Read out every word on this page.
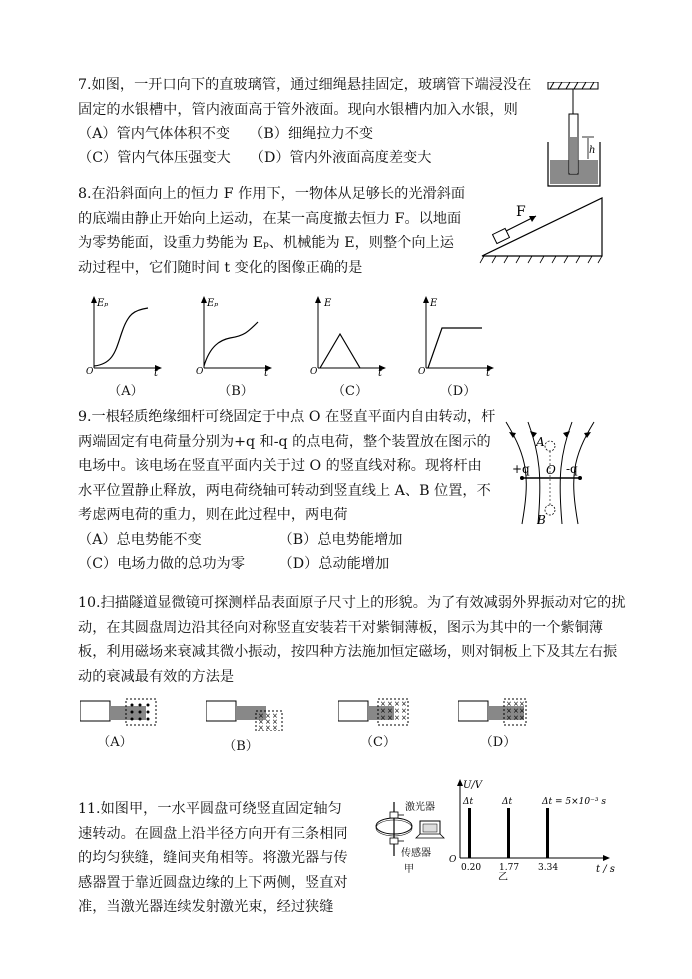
7.如图，一开口向下的直玻璃管，通过细绳悬挂固定，玻璃管下端浸没在
固定的水银槽中，管内液面高于管外液面。现向水银槽内加入水银，则
（A）管内气体体积不变 （B）细绳拉力不变
（C）管内气体压强变大 （D）管内外液面高度差变大	h
8.在沿斜面向上的恒力 F 作用下，一物体从足够长的光滑斜面
的底端由静止开始向上运动，在某一高度撤去恒力 F。以地面
为零势能面，设重力势能为 Eₚ、机械能为 E，则整个向上运
动过程中，它们随时间 t 变化的图像正确的是
F
Eₚ
O	t
（A）
Eₚ
O	t
（B）
E
O	t
（C）
E
O	t
（D）
9.一根轻质绝缘细杆可绕固定于中点 O 在竖直平面内自由转动，杆
两端固定有电荷量分别为+q 和-q 的点电荷，整个装置放在图示的
电场中。该电场在竖直平面内关于过 O 的竖直线对称。现将杆由
水平位置静止释放，两电荷绕轴可转动到竖直线上 A、B 位置，不
考虑两电荷的重力，则在此过程中，两电荷
（A）总电势能不变	（B）总电势能增加
（C）电场力做的总功为零 （D）总动能增加
A
B
O
+q	-q
10.扫描隧道显微镜可探测样品表面原子尺寸上的形貌。为了有效减弱外界振动对它的扰
动，在其圆盘周边沿其径向对称竖直安装若干对紫铜薄板，图示为其中的一个紫铜薄
板，利用磁场来衰减其微小振动，按四种方法施加恒定磁场，则对铜板上下及其左右振
动的衰减最有效的方法是
（A）
× × ×
× × ×
× × ×
（B）
× × × ×
× × × ×
× × × ×
（C）
× × ×
× × ×
× × ×
（D）
11.如图甲，一水平圆盘可绕竖直固定轴匀
速转动。在圆盘上沿半径方向开有三条相同
的均匀狭缝，缝间夹角相等。将激光器与传
感器置于靠近圆盘边缘的上下两侧，竖直对
准，当激光器连续发射激光束，经过狭缝
激光器
传感器
甲
U/V
O
t / s
Δt	Δt	Δt = 5×10⁻³ s
0.20 1.77 3.34
乙
